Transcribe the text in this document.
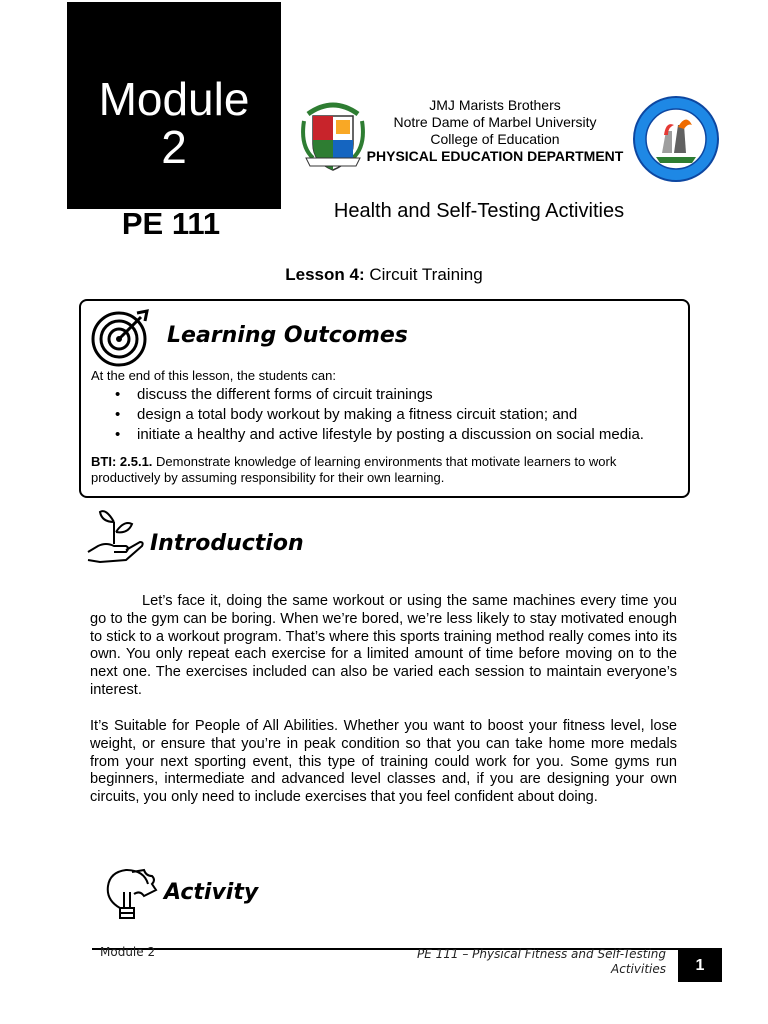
Module
2
PE 111
JMJ Marists Brothers
Notre Dame of Marbel University
College of Education
PHYSICAL EDUCATION DEPARTMENT
Health and Self-Testing Activities
Lesson 4: Circuit Training
Learning Outcomes
At the end of this lesson, the students can:
• discuss the different forms of circuit trainings
• design a total body workout by making a fitness circuit station; and
• initiate a healthy and active lifestyle by posting a discussion on social media.
BTI: 2.5.1. Demonstrate knowledge of learning environments that motivate learners to work productively by assuming responsibility for their own learning.
Introduction
Let’s face it, doing the same workout or using the same machines every time you go to the gym can be boring. When we’re bored, we’re less likely to stay motivated enough to stick to a workout program. That’s where this sports training method really comes into its own. You only repeat each exercise for a limited amount of time before moving on to the next one. The exercises included can also be varied each session to maintain everyone’s interest.
It’s Suitable for People of All Abilities. Whether you want to boost your fitness level, lose weight, or ensure that you’re in peak condition so that you can take home more medals from your next sporting event, this type of training could work for you. Some gyms run beginners, intermediate and advanced level classes and, if you are designing your own circuits, you only need to include exercises that you feel confident about doing.
Activity
Module 2	PE 111 – Physical Fitness and Self-Testing
Activities	1
